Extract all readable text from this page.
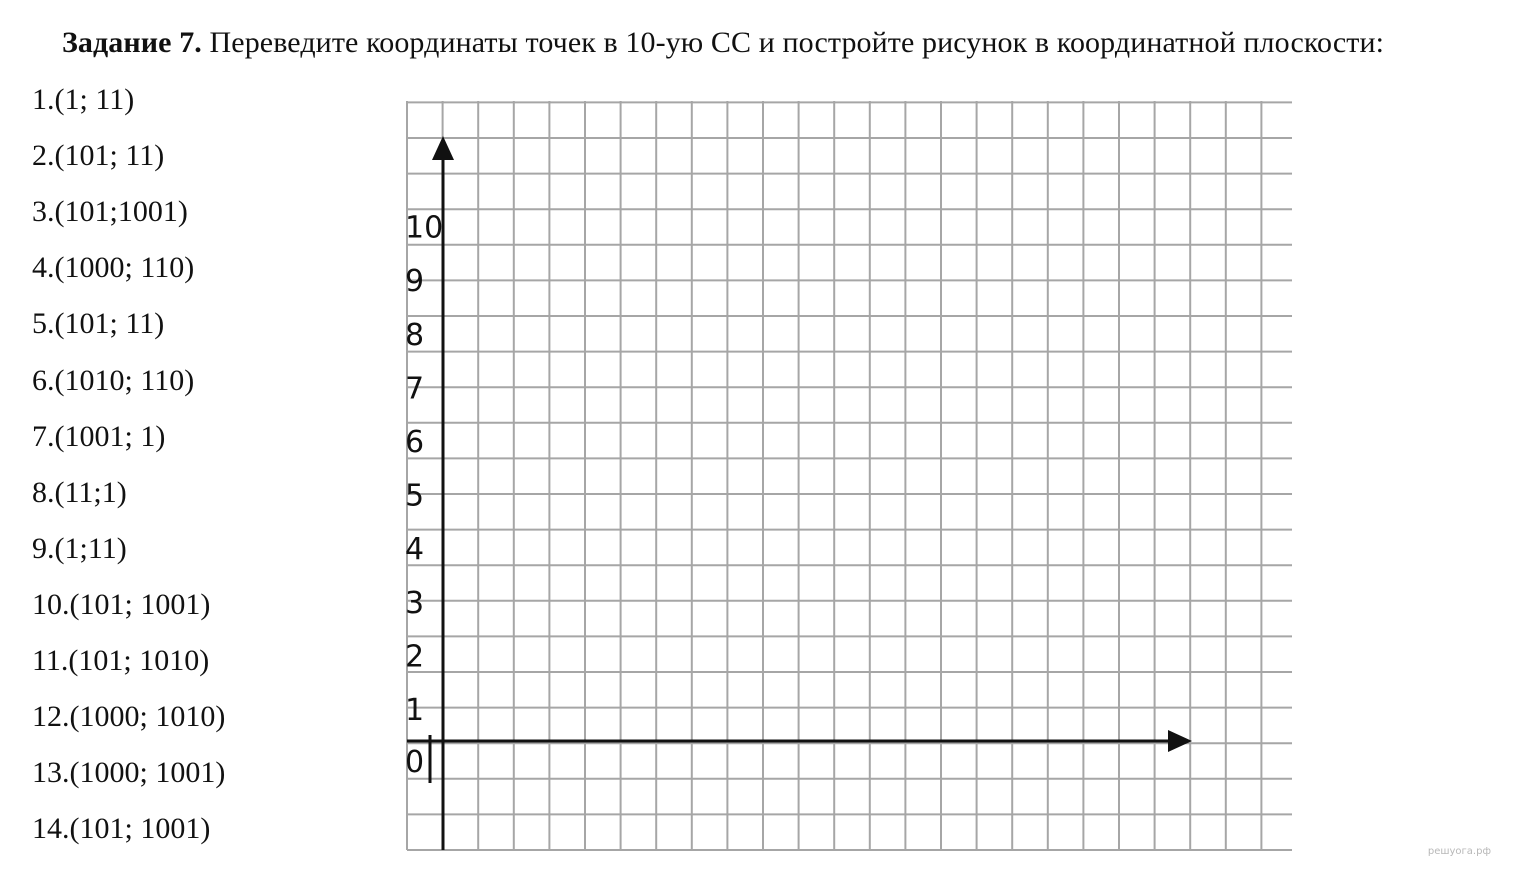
Задание 7. Переведите координаты точек в 10-ую СС и постройте рисунок в координатной плоскости:
1.(1; 11)
2.(101; 11)
3.(101;1001)
4.(1000; 110)
5.(101; 11)
6.(1010; 110)
7.(1001; 1)
8.(11;1)
9.(1;11)
10.(101; 1001)
11.(101; 1010)
12.(1000; 1010)
13.(1000; 1001)
14.(101; 1001)
0
1
2
3
4
5
6
7
8
9
10
решуога.рф
